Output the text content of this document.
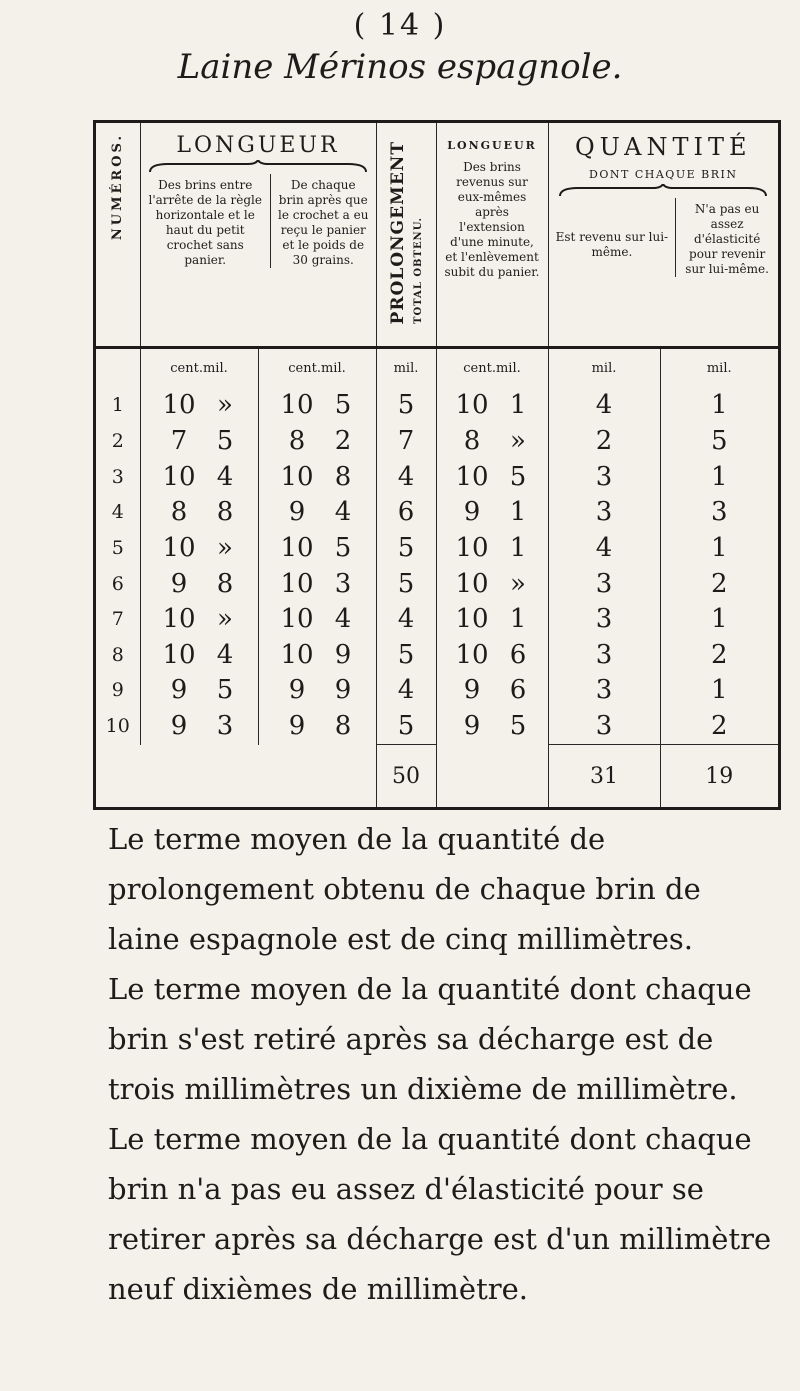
( 14 )
Laine Mérinos espagnole.
NUMÉROS.	LONGUEUR
Des brins entre l'arrête de la règle horizontale et le haut du petit crochet sans panier.	De chaque brin après que le crochet a eu reçu le panier et le poids de 30 grains.
	PROLONGEMENT TOTAL OBTENU.	
LONGUEUR
Des brins revenus sur eux-mêmes après l'extension d'une minute, et l'enlèvement subit du panier.

QUANTITÉ
DONT CHAQUE BRIN
Est revenu sur lui-même.	N'a pas eu assez d'élasticité pour revenir sur lui-même.

	cent.mil.	cent.mil.	mil.	cent.mil.	mil.	mil.
1	10 »	10 5	5	10 1	4	1
2	7 5	8 2	7	8 »	2	5
3	10 4	10 8	4	10 5	3	1
4	8 8	9 4	6	9 1	3	3
5	10 »	10 5	5	10 1	4	1
6	9 8	10 3	5	10 »	3	2
7	10 »	10 4	4	10 1	3	1
8	10 4	10 9	5	10 6	3	2
9	9 5	9 9	4	9 6	3	1
10	9 3	9 8	5	9 5	3	2
			50		31	19

Le terme moyen de la quantité de prolongement obtenu de chaque brin de laine espagnole est de cinq millimètres.

Le terme moyen de la quantité dont chaque brin s'est retiré après sa décharge est de trois millimètres un dixième de millimètre.

Le terme moyen de la quantité dont chaque brin n'a pas eu assez d'élasticité pour se retirer après sa décharge est d'un millimètre neuf dixièmes de millimètre.
